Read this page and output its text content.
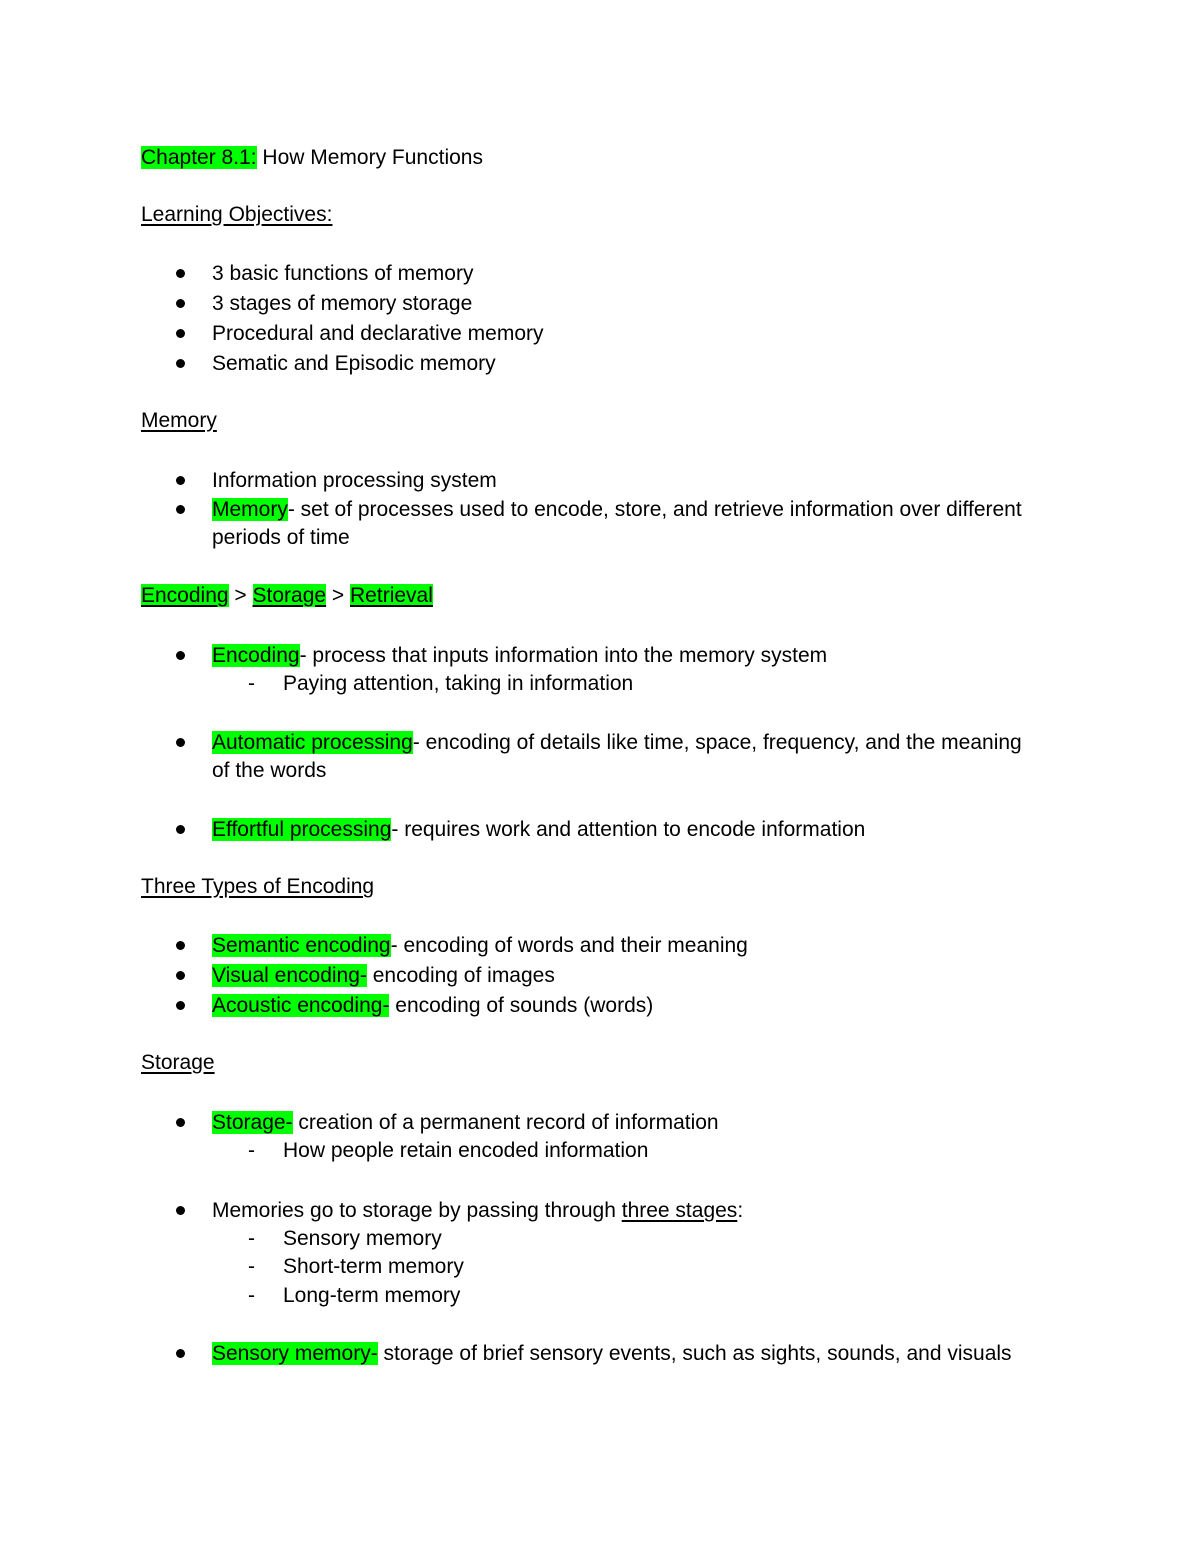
Chapter 8.1: How Memory Functions
Learning Objectives:
3 basic functions of memory
3 stages of memory storage
Procedural and declarative memory
Sematic and Episodic memory
Memory
Information processing system
Memory- set of processes used to encode, store, and retrieve information over different
periods of time
Encoding > Storage > Retrieval
Encoding- process that inputs information into the memory system
- Paying attention, taking in information
Automatic processing- encoding of details like time, space, frequency, and the meaning
of the words
Effortful processing- requires work and attention to encode information
Three Types of Encoding
Semantic encoding- encoding of words and their meaning
Visual encoding- encoding of images
Acoustic encoding- encoding of sounds (words)
Storage
Storage- creation of a permanent record of information
- How people retain encoded information
Memories go to storage by passing through three stages:
- Sensory memory
- Short-term memory
- Long-term memory
Sensory memory- storage of brief sensory events, such as sights, sounds, and visuals
